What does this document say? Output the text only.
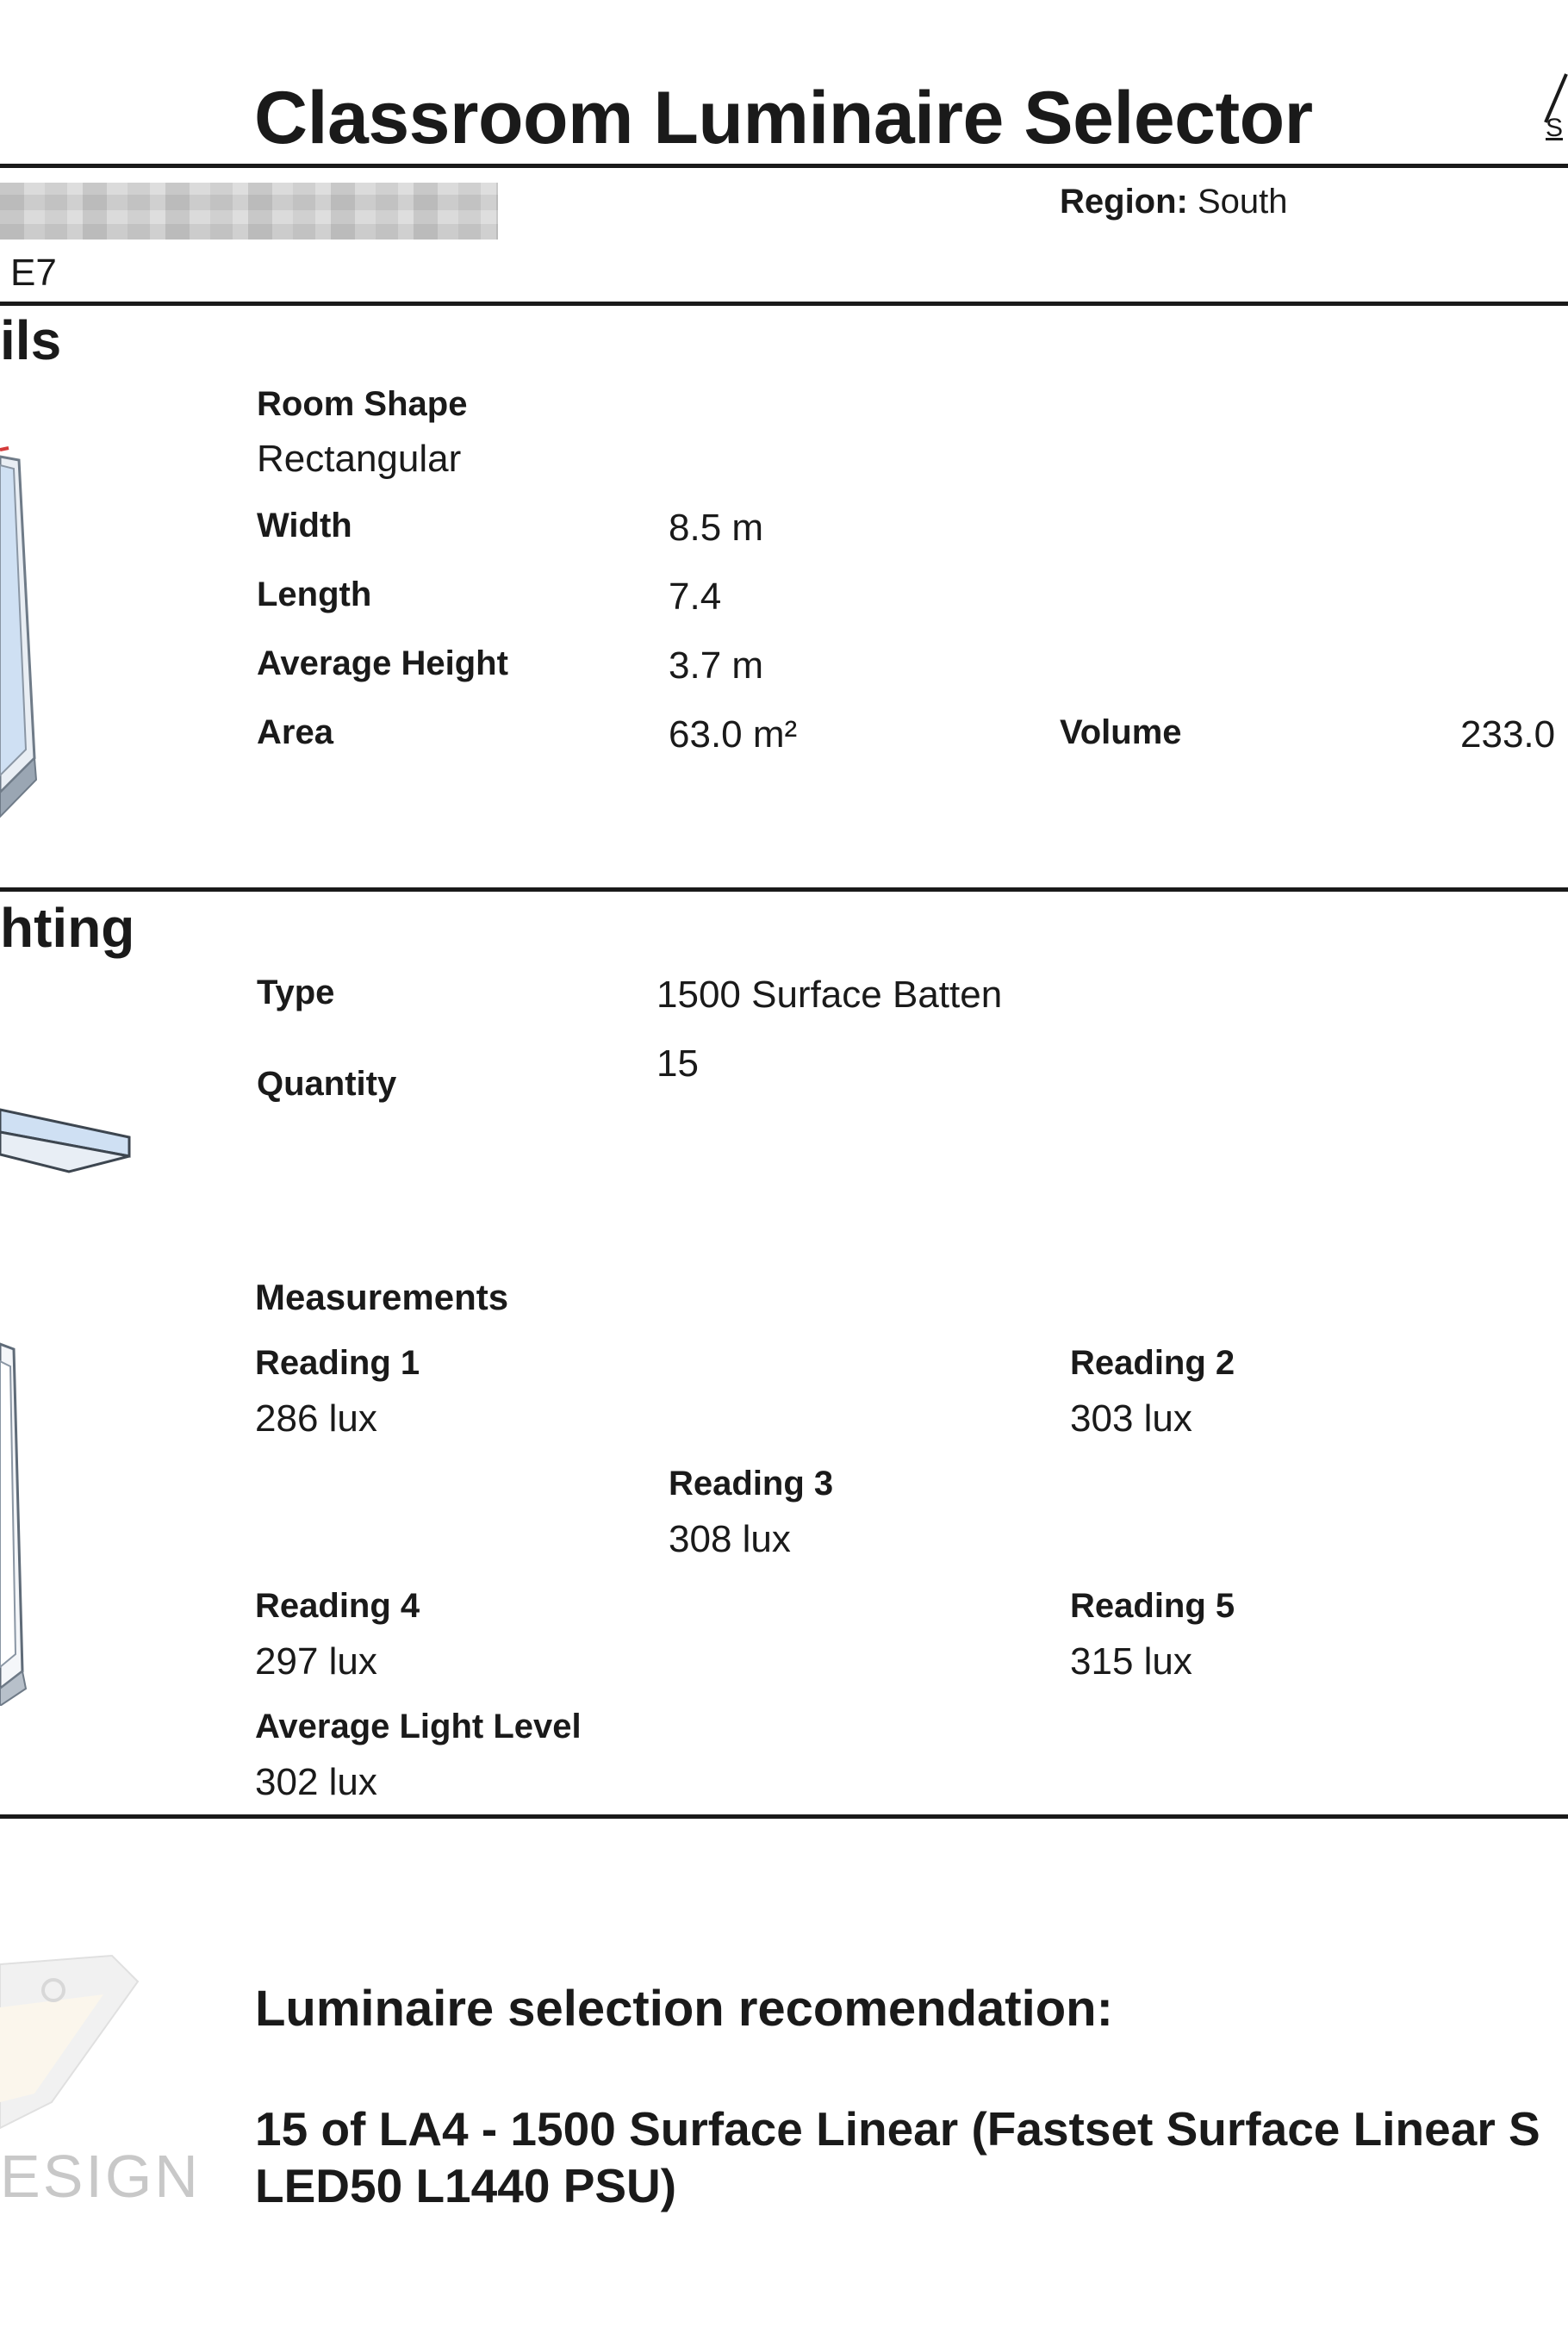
Classroom Luminaire Selector	S
Region: South
E7
ils
Room Shape
Rectangular
Width	8.5 m
Length	7.4
Average Height	3.7 m
Area	63.0 m²	Volume	233.0
hting
Type	1500 Surface Batten
Quantity	15
Measurements
Reading 1
286 lux
Reading 2
303 lux
Reading 3
308 lux
Reading 4
297 lux
Reading 5
315 lux
Average Light Level
302 lux
ESIGN
Luminaire selection recomendation:
15 of LA4 - 1500 Surface Linear (Fastset Surface Linear S
LED50 L1440 PSU)
